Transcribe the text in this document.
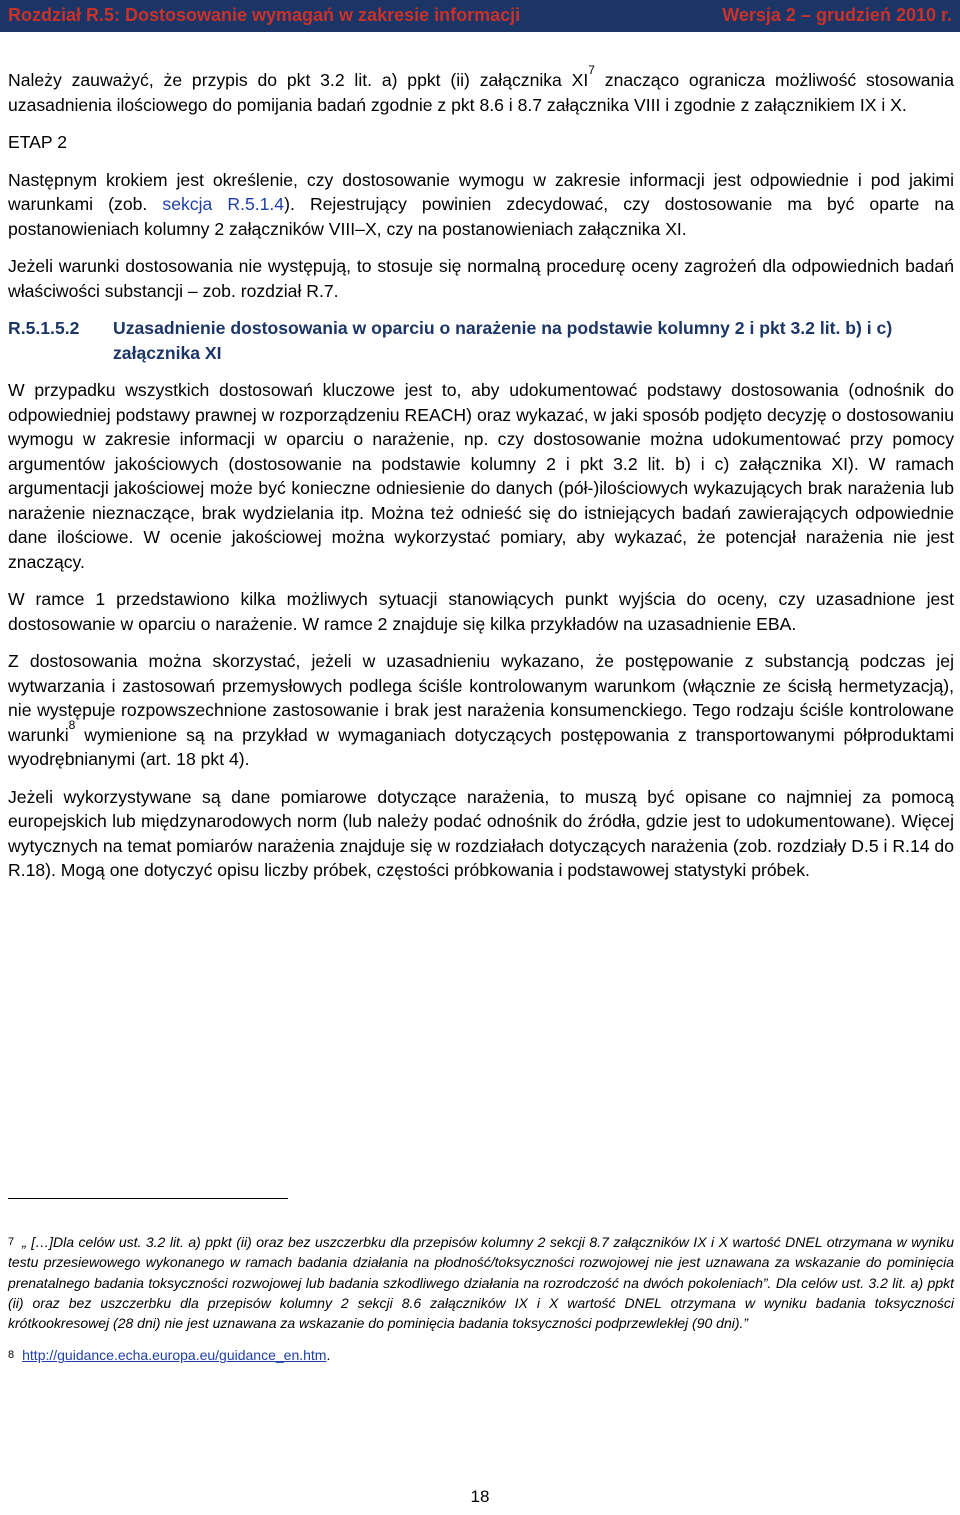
Rozdział R.5: Dostosowanie wymagań w zakresie informacji	Wersja 2 – grudzień 2010 r.

Należy zauważyć, że przypis do pkt 3.2 lit. a) ppkt (ii) załącznika $XI^7$ znacząco ogranicza możliwość stosowania uzasadnienia ilościowego do pomijania badań zgodnie z pkt 8.6 i 8.7 załącznika VIII i zgodnie z załącznikiem IX i X.

ETAP 2

Następnym krokiem jest określenie, czy dostosowanie wymogu w zakresie informacji jest odpowiednie i pod jakimi warunkami (zob. sekcja R.5.1.4). Rejestrujący powinien zdecydować, czy dostosowanie ma być oparte na postanowieniach kolumny 2 załączników VIII–X, czy na postanowieniach załącznika XI.

Jeżeli warunki dostosowania nie występują, to stosuje się normalną procedurę oceny zagrożeń dla odpowiednich badań właściwości substancji – zob. rozdział R.7.

R.5.1.5.2	Uzasadnienie dostosowania w oparciu o narażenie na podstawie kolumny 2 i pkt 3.2 lit. b) i c) załącznika XI

W przypadku wszystkich dostosowań kluczowe jest to, aby udokumentować podstawy dostosowania (odnośnik do odpowiedniej podstawy prawnej w rozporządzeniu REACH) oraz wykazać, w jaki sposób podjęto decyzję o dostosowaniu wymogu w zakresie informacji w oparciu o narażenie, np. czy dostosowanie można udokumentować przy pomocy argumentów jakościowych (dostosowanie na podstawie kolumny 2 i pkt 3.2 lit. b) i c) załącznika XI). W ramach argumentacji jakościowej może być konieczne odniesienie do danych (pół-)ilościowych wykazujących brak narażenia lub narażenie nieznaczące, brak wydzielania itp. Można też odnieść się do istniejących badań zawierających odpowiednie dane ilościowe. W ocenie jakościowej można wykorzystać pomiary, aby wykazać, że potencjał narażenia nie jest znaczący.

W ramce 1 przedstawiono kilka możliwych sytuacji stanowiących punkt wyjścia do oceny, czy uzasadnione jest dostosowanie w oparciu o narażenie. W ramce 2 znajduje się kilka przykładów na uzasadnienie EBA.

Z dostosowania można skorzystać, jeżeli w uzasadnieniu wykazano, że postępowanie z substancją podczas jej wytwarzania i zastosowań przemysłowych podlega ściśle kontrolowanym warunkom (włącznie ze ścisłą hermetyzacją), nie występuje rozpowszechnione zastosowanie i brak jest narażenia konsumenckiego. Tego rodzaju ściśle kontrolowane warunki$^8$ wymienione są na przykład w wymaganiach dotyczących postępowania z transportowanymi półproduktami wyodrębnianymi (art. 18 pkt 4).

Jeżeli wykorzystywane są dane pomiarowe dotyczące narażenia, to muszą być opisane co najmniej za pomocą europejskich lub międzynarodowych norm (lub należy podać odnośnik do źródła, gdzie jest to udokumentowane). Więcej wytycznych na temat pomiarów narażenia znajduje się w rozdziałach dotyczących narażenia (zob. rozdziały D.5 i R.14 do R.18). Mogą one dotyczyć opisu liczby próbek, częstości próbkowania i podstawowej statystyki próbek.

$^7$ „ […]Dla celów ust. 3.2 lit. a) ppkt (ii) oraz bez uszczerbku dla przepisów kolumny 2 sekcji 8.7 załączników IX i X wartość DNEL otrzymana w wyniku testu przesiewowego wykonanego w ramach badania działania na płodność/toksyczności rozwojowej nie jest uznawana za wskazanie do pominięcia prenatalnego badania toksyczności rozwojowej lub badania szkodliwego działania na rozrodczość na dwóch pokoleniach”. Dla celów ust. 3.2 lit. a) ppkt (ii) oraz bez uszczerbku dla przepisów kolumny 2 sekcji 8.6 załączników IX i X wartość DNEL otrzymana w wyniku badania toksyczności krótkookresowej (28 dni) nie jest uznawana za wskazanie do pominięcia badania toksyczności podprzewlekłej (90 dni).”

$^8$ http://guidance.echa.europa.eu/guidance_en.htm.

18
